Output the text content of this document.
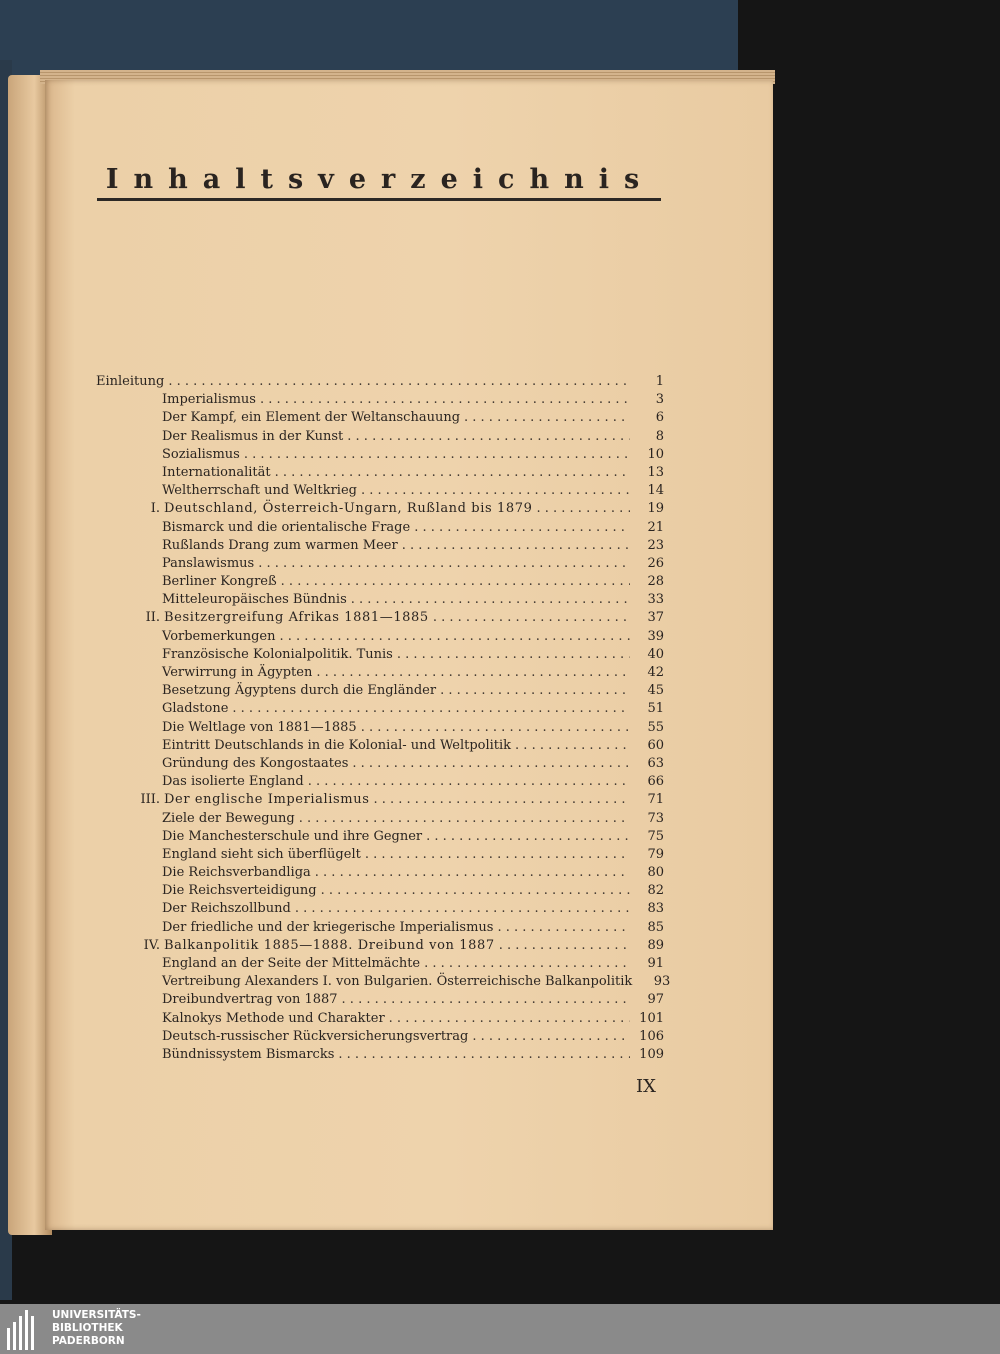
Inhaltsverzeichnis
Einleitung . . .	1
Imperialismus . . .	3
Der Kampf, ein Element der Weltanschauung . . .	6
Der Realismus in der Kunst . . .	8
Sozialismus . . .	10
Internationalität . . .	13
Weltherrschaft und Weltkrieg . . .	14
I. Deutschland, Österreich-Ungarn, Rußland bis 1879 . . .	19
Bismarck und die orientalische Frage . . .	21
Rußlands Drang zum warmen Meer . . .	23
Panslawismus . . .	26
Berliner Kongreß . . .	28
Mitteleuropäisches Bündnis . . .	33
II. Besitzergreifung Afrikas 1881—1885 . . .	37
Vorbemerkungen . . .	39
Französische Kolonialpolitik. Tunis . . .	40
Verwirrung in Ägypten . . .	42
Besetzung Ägyptens durch die Engländer . . .	45
Gladstone . . .	51
Die Weltlage von 1881—1885 . . .	55
Eintritt Deutschlands in die Kolonial- und Weltpolitik . . .	60
Gründung des Kongostaates . . .	63
Das isolierte England . . .	66
III. Der englische Imperialismus . . .	71
Ziele der Bewegung . . .	73
Die Manchesterschule und ihre Gegner . . .	75
England sieht sich überflügelt . . .	79
Die Reichsverbandliga . . .	80
Die Reichsverteidigung . . .	82
Der Reichszollbund . . .	83
Der friedliche und der kriegerische Imperialismus . . .	85
IV. Balkanpolitik 1885—1888. Dreibund von 1887 . . .	89
England an der Seite der Mittelmächte . . .	91
Vertreibung Alexanders I. von Bulgarien. Österreichische Balkanpolitik	93
Dreibundvertrag von 1887 . . .	97
Kalnokys Methode und Charakter . . .	101
Deutsch-russischer Rückversicherungsvertrag . . .	106
Bündnissystem Bismarcks . . .	109
IX
UNIVERSITÄTS-
BIBLIOTHEK
PADERBORN
